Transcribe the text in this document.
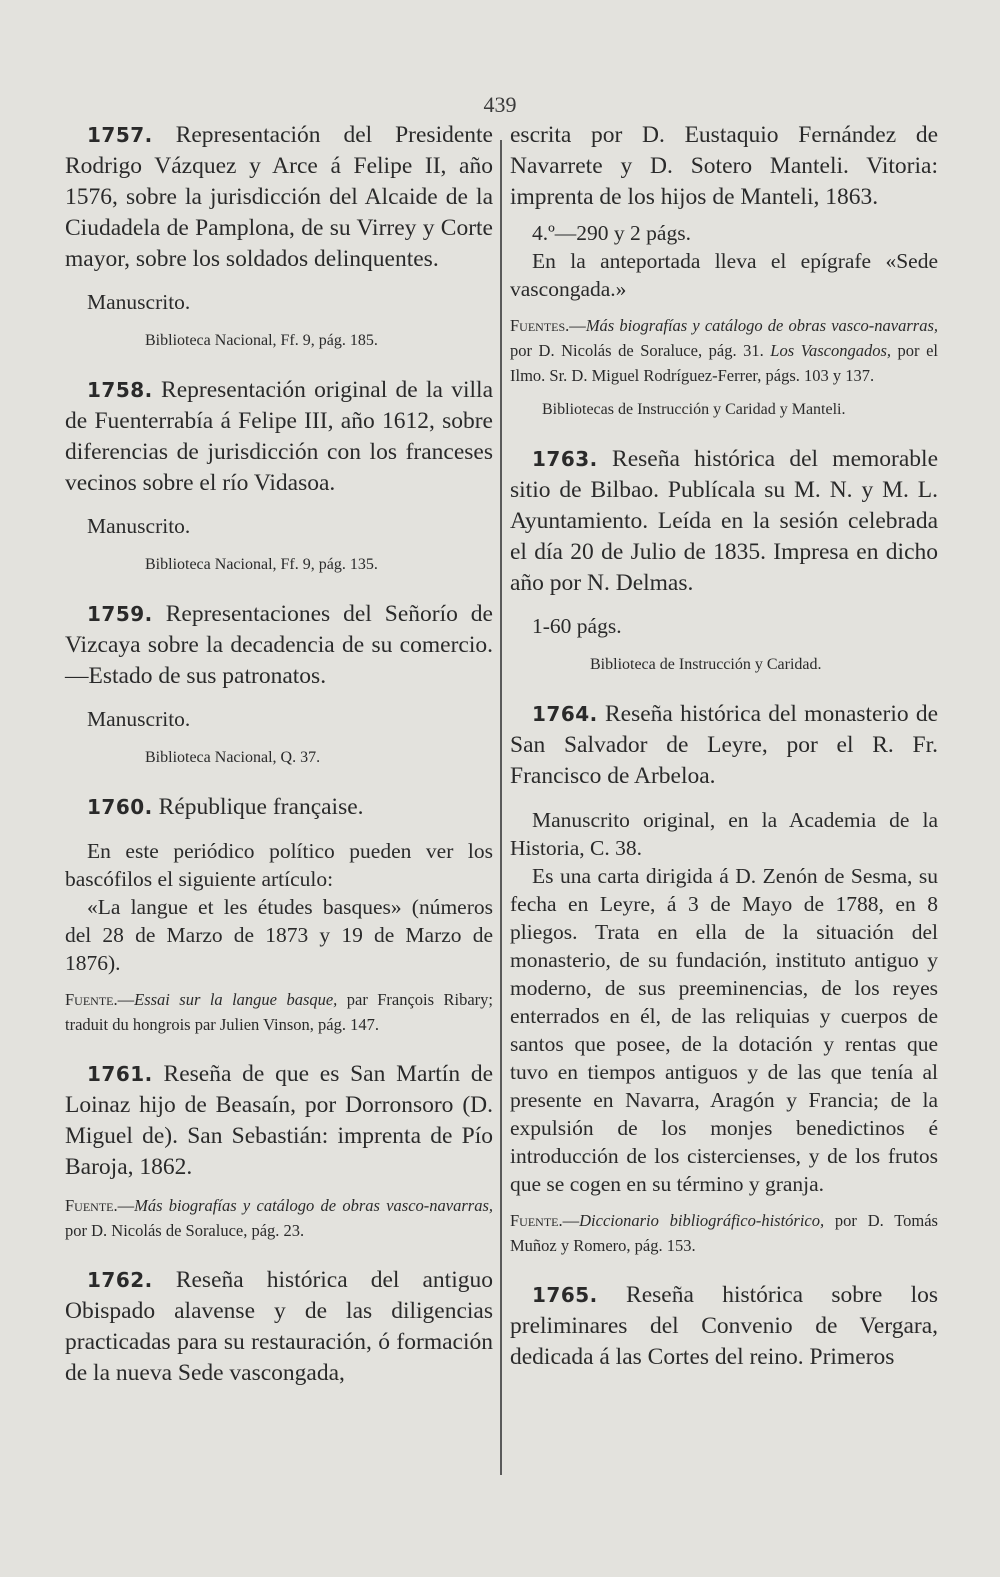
439

1757. Representación del Presidente Rodrigo Vázquez y Arce á Felipe II, año 1576, sobre la jurisdicción del Alcaide de la Ciudadela de Pamplona, de su Virrey y Corte mayor, sobre los soldados delinquentes.

Manuscrito.

Biblioteca Nacional, Ff. 9, pág. 185.

1758. Representación original de la villa de Fuenterrabía á Felipe III, año 1612, sobre diferencias de jurisdicción con los franceses vecinos sobre el río Vidasoa.

Manuscrito.

Biblioteca Nacional, Ff. 9, pág. 135.

1759. Representaciones del Señorío de Vizcaya sobre la decadencia de su comercio.—Estado de sus patronatos.

Manuscrito.

Biblioteca Nacional, Q. 37.

1760. République française.

En este periódico político pueden ver los bascófilos el siguiente artículo:

«La langue et les études basques» (números del 28 de Marzo de 1873 y 19 de Marzo de 1876).

Fuente.—Essai sur la langue basque, par François Ribary; traduit du hongrois par Julien Vinson, pág. 147.

1761. Reseña de que es San Martín de Loinaz hijo de Beasaín, por Dorronsoro (D. Miguel de). San Sebastián: imprenta de Pío Baroja, 1862.

Fuente.—Más biografías y catálogo de obras vasco-navarras, por D. Nicolás de Soraluce, pág. 23.

1762. Reseña histórica del antiguo Obispado alavense y de las diligencias practicadas para su restauración, ó formación de la nueva Sede vascongada,

escrita por D. Eustaquio Fernández de Navarrete y D. Sotero Manteli. Vitoria: imprenta de los hijos de Manteli, 1863.

4.º—290 y 2 págs.

En la anteportada lleva el epígrafe «Sede vascongada.»

Fuentes.—Más biografías y catálogo de obras vasco-navarras, por D. Nicolás de Soraluce, pág. 31. Los Vascongados, por el Ilmo. Sr. D. Miguel Rodríguez-Ferrer, págs. 103 y 137.

Bibliotecas de Instrucción y Caridad y Manteli.

1763. Reseña histórica del memorable sitio de Bilbao. Publícala su M. N. y M. L. Ayuntamiento. Leída en la sesión celebrada el día 20 de Julio de 1835. Impresa en dicho año por N. Delmas.

1-60 págs.

Biblioteca de Instrucción y Caridad.

1764. Reseña histórica del monasterio de San Salvador de Leyre, por el R. Fr. Francisco de Arbeloa.

Manuscrito original, en la Academia de la Historia, C. 38.

Es una carta dirigida á D. Zenón de Sesma, su fecha en Leyre, á 3 de Mayo de 1788, en 8 pliegos. Trata en ella de la situación del monasterio, de su fundación, instituto antiguo y moderno, de sus preeminencias, de los reyes enterrados en él, de las reliquias y cuerpos de santos que posee, de la dotación y rentas que tuvo en tiempos antiguos y de las que tenía al presente en Navarra, Aragón y Francia; de la expulsión de los monjes benedictinos é introducción de los cistercienses, y de los frutos que se cogen en su término y granja.

Fuente.—Diccionario bibliográfico-histórico, por D. Tomás Muñoz y Romero, pág. 153.

1765. Reseña histórica sobre los preliminares del Convenio de Vergara, dedicada á las Cortes del reino. Primeros
